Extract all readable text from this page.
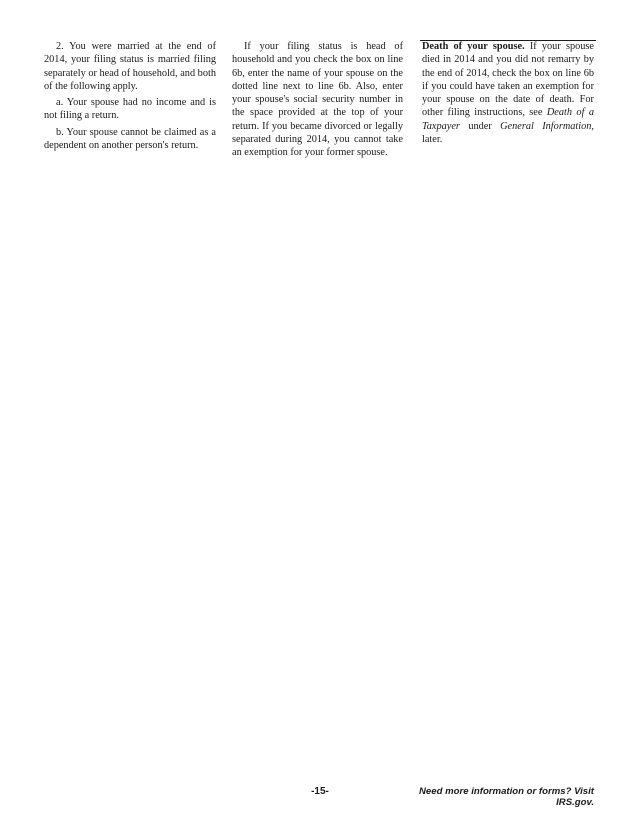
2. You were married at the end of 2014, your filing status is married filing separately or head of household, and both of the following apply.

a. Your spouse had no income and is not filing a return.

b. Your spouse cannot be claimed as a dependent on another person's return.

If your filing status is head of household and you check the box on line 6b, enter the name of your spouse on the dotted line next to line 6b. Also, enter your spouse's social security number in the space provided at the top of your return. If you became divorced or legally separated during 2014, you cannot take an exemption for your former spouse.

Death of your spouse. If your spouse died in 2014 and you did not remarry by the end of 2014, check the box on line 6b if you could have taken an exemption for your spouse on the date of death. For other filing instructions, see Death of a Taxpayer under General Information, later.

-15-	Need more information or forms? Visit IRS.gov.
